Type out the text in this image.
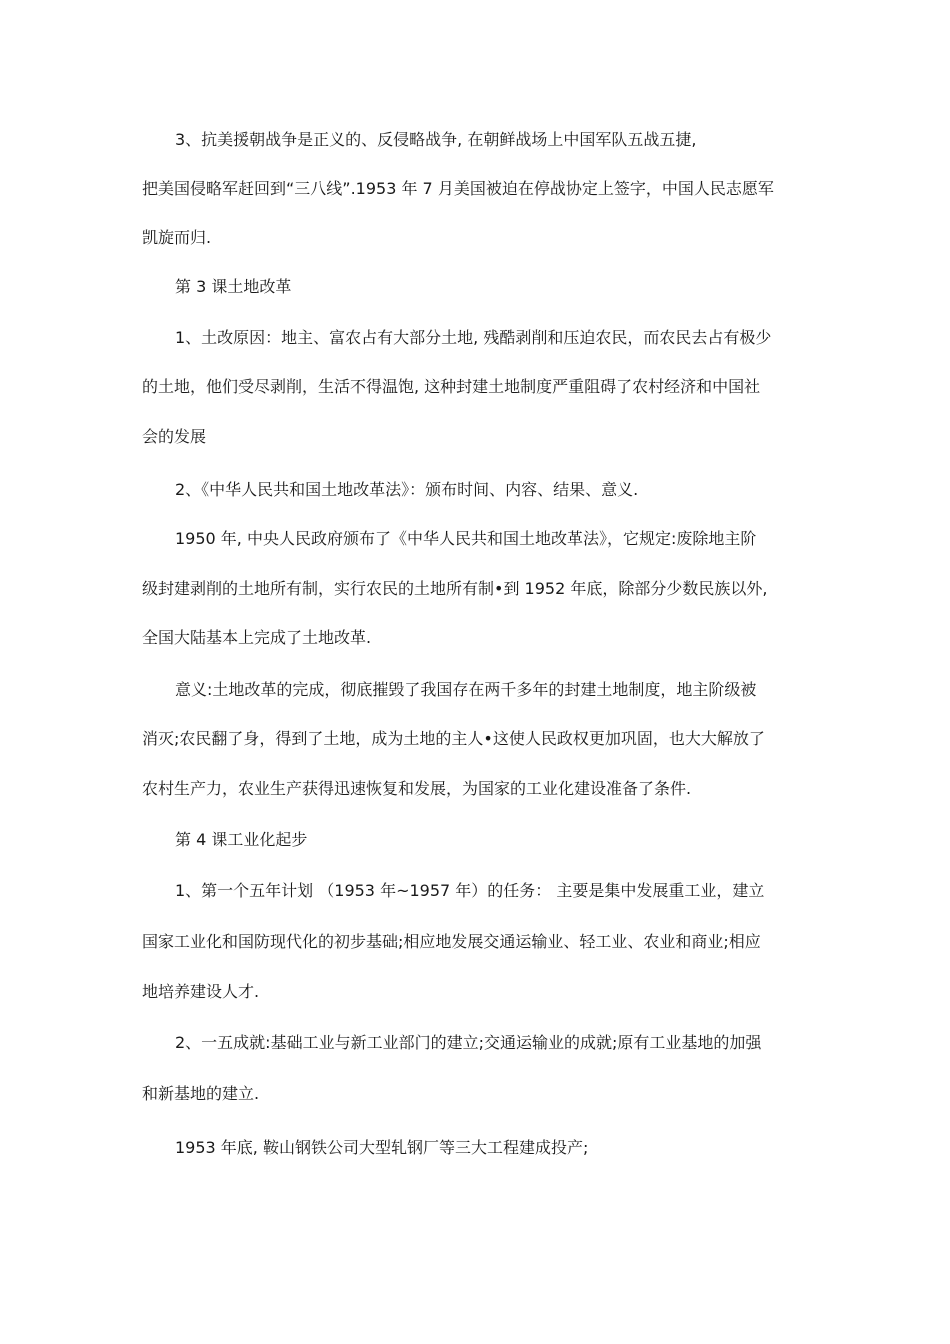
3、抗美援朝战争是正义的、反侵略战争, 在朝鲜战场上中国军队五战五捷,
把美国侵略军赶回到“三八线”.1953 年 7 月美国被迫在停战协定上签字，中国人民志愿军
凯旋而归.
第 3 课土地改革
1、土改原因：地主、富农占有大部分土地, 残酷剥削和压迫农民，而农民去占有极少
的土地，他们受尽剥削，生活不得温饱, 这种封建土地制度严重阻碍了农村经济和中国社
会的发展
2、《中华人民共和国土地改革法》：颁布时间、内容、结果、意义.
1950 年, 中央人民政府颁布了《中华人民共和国土地改革法》，它规定:废除地主阶
级封建剥削的土地所有制，实行农民的土地所有制•到 1952 年底，除部分少数民族以外,
全国大陆基本上完成了土地改革.
意义:土地改革的完成，彻底摧毁了我国存在两千多年的封建土地制度，地主阶级被
消灭;农民翻了身，得到了土地，成为土地的主人•这使人民政权更加巩固，也大大解放了
农村生产力，农业生产获得迅速恢复和发展，为国家的工业化建设准备了条件.
第 4 课工业化起步
1、第一个五年计划 （1953 年~1957 年）的任务： 主要是集中发展重工业，建立
国家工业化和国防现代化的初步基础;相应地发展交通运输业、轻工业、农业和商业;相应
地培养建设人才.
2、一五成就:基础工业与新工业部门的建立;交通运输业的成就;原有工业基地的加强
和新基地的建立.
1953 年底, 鞍山钢铁公司大型轧钢厂等三大工程建成投产;
